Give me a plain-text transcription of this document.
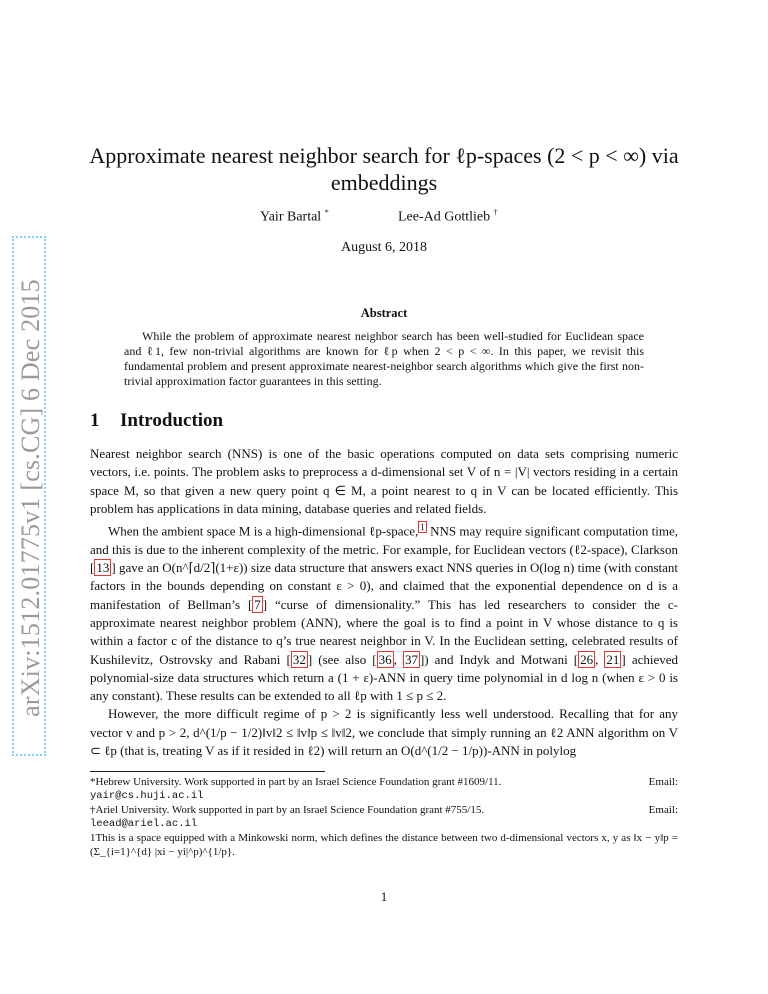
arXiv:1512.01775v1 [cs.CG] 6 Dec 2015
Approximate nearest neighbor search for ℓp-spaces (2 < p < ∞) via embeddings
Yair Bartal *	Lee-Ad Gottlieb †
August 6, 2018
Abstract

While the problem of approximate nearest neighbor search has been well-studied for Euclidean space and ℓ1, few non-trivial algorithms are known for ℓp when 2 < p < ∞. In this paper, we revisit this fundamental problem and present approximate nearest-neighbor search algorithms which give the first non-trivial approximation factor guarantees in this setting.

1 Introduction

Nearest neighbor search (NNS) is one of the basic operations computed on data sets comprising numeric vectors, i.e. points. The problem asks to preprocess a d-dimensional set V of n = |V| vectors residing in a certain space M, so that given a new query point q ∈ M, a point nearest to q in V can be located efficiently. This problem has applications in data mining, database queries and related fields.

When the ambient space M is a high-dimensional ℓp-space, $^1$ NNS may require significant computation time, and this is due to the inherent complexity of the metric. For example, for Euclidean vectors (ℓ2-space), Clarkson [ 13 ] gave an O(n^⌈d/2⌉(1+ε)) size data structure that answers exact NNS queries in O(log n) time (with constant factors in the bounds depending on constant ε > 0), and claimed that the exponential dependence on d is a manifestation of Bellman’s [ 7 ] “curse of dimensionality.” This has led researchers to consider the c-approximate nearest neighbor problem (ANN), where the goal is to find a point in V whose distance to q is within a factor c of the distance to q’s true nearest neighbor in V. In the Euclidean setting, celebrated results of Kushilevitz, Ostrovsky and Rabani [ 32 ] (see also [ 36 , 37 ]) and Indyk and Motwani [ 26 , 21 ] achieved polynomial-size data structures which return a (1 + ε)-ANN in query time polynomial in d log n (when ε > 0 is any constant). These results can be extended to all ℓp with 1 ≤ p ≤ 2.

However, the more difficult regime of p > 2 is significantly less well understood. Recalling that for any vector v and p > 2, d^(1/p − 1/2)‖v‖2 ≤ ‖v‖p ≤ ‖v‖2, we conclude that simply running an ℓ2 ANN algorithm on V ⊂ ℓp (that is, treating V as if it resided in ℓ2) will return an O(d^(1/2 − 1/p))-ANN in polylog

*Hebrew University. Work supported in part by an Israel Science Foundation grant #1609/11.	Email:

yair@cs.huji.ac.il

†Ariel University. Work supported in part by an Israel Science Foundation grant #755/15.	Email:

leead@ariel.ac.il

1This is a space equipped with a Minkowski norm, which defines the distance between two d-dimensional vectors x, y as ‖x − y‖p = (Σ_{i=1}^{d} |xi − yi|^p)^{1/p}.

1
